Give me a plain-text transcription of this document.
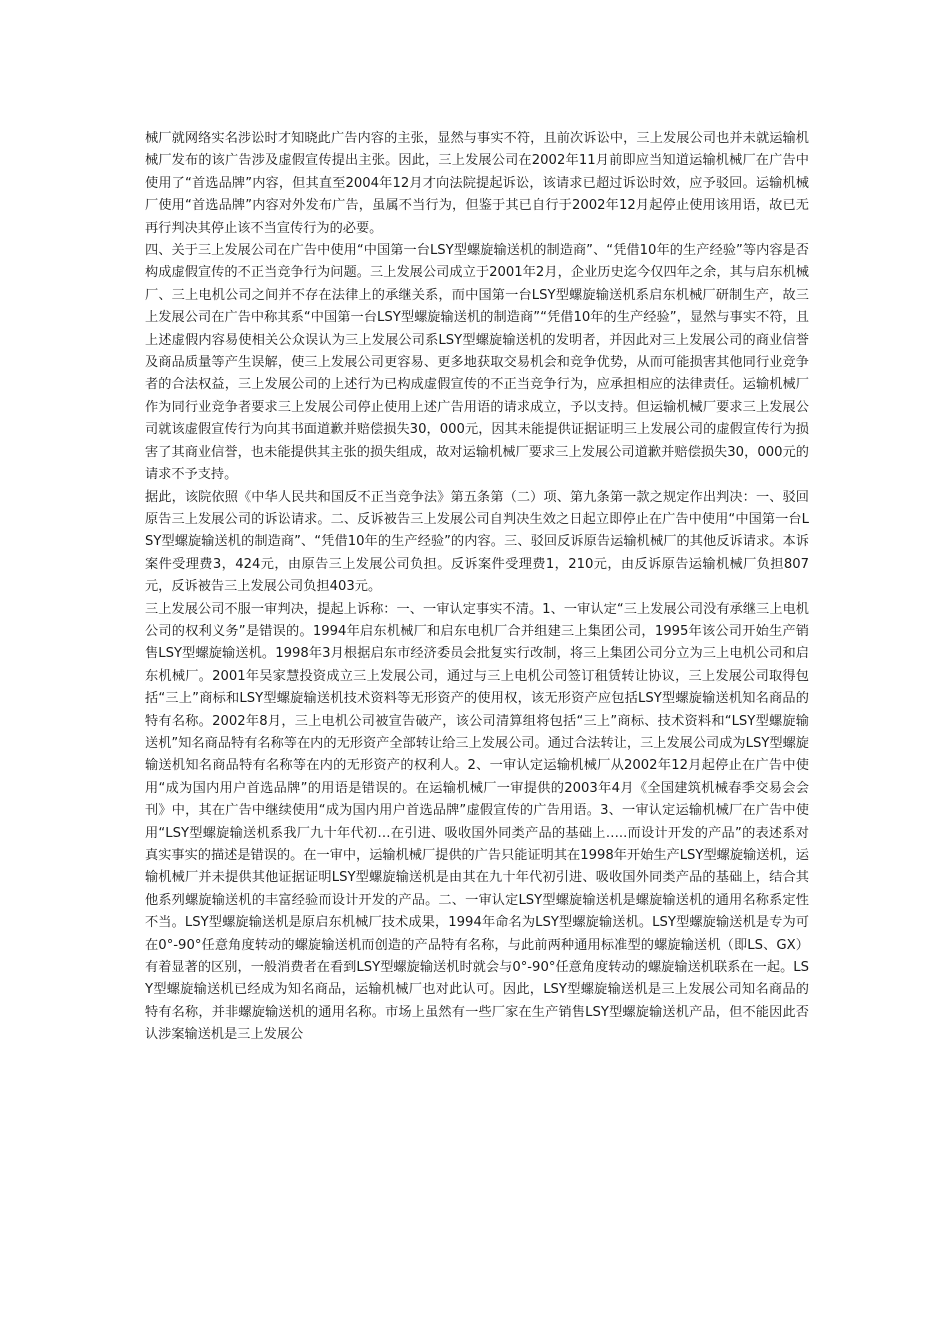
械厂就网络实名涉讼时才知晓此广告内容的主张，显然与事实不符，且前次诉讼中，三上发展公司也并未就运输机械厂发布的该广告涉及虚假宣传提出主张。因此，三上发展公司在2002年11月前即应当知道运输机械厂在广告中使用了“首选品牌”内容，但其直至2004年12月才向法院提起诉讼，该请求已超过诉讼时效，应予驳回。运输机械厂使用“首选品牌”内容对外发布广告，虽属不当行为，但鉴于其已自行于2002年12月起停止使用该用语，故已无再行判决其停止该不当宣传行为的必要。

四、关于三上发展公司在广告中使用“中国第一台LSY型螺旋输送机的制造商”、“凭借10年的生产经验”等内容是否构成虚假宣传的不正当竞争行为问题。三上发展公司成立于2001年2月，企业历史迄今仅四年之余，其与启东机械厂、三上电机公司之间并不存在法律上的承继关系，而中国第一台LSY型螺旋输送机系启东机械厂研制生产，故三上发展公司在广告中称其系“中国第一台LSY型螺旋输送机的制造商”“凭借10年的生产经验”，显然与事实不符，且上述虚假内容易使相关公众误认为三上发展公司系LSY型螺旋输送机的发明者，并因此对三上发展公司的商业信誉及商品质量等产生误解，使三上发展公司更容易、更多地获取交易机会和竞争优势，从而可能损害其他同行业竞争者的合法权益，三上发展公司的上述行为已构成虚假宣传的不正当竞争行为，应承担相应的法律责任。运输机械厂作为同行业竞争者要求三上发展公司停止使用上述广告用语的请求成立，予以支持。但运输机械厂要求三上发展公司就该虚假宣传行为向其书面道歉并赔偿损失30，000元，因其未能提供证据证明三上发展公司的虚假宣传行为损害了其商业信誉，也未能提供其主张的损失组成，故对运输机械厂要求三上发展公司道歉并赔偿损失30，000元的请求不予支持。

据此，该院依照《中华人民共和国反不正当竞争法》第五条第（二）项、第九条第一款之规定作出判决：一、驳回原告三上发展公司的诉讼请求。二、反诉被告三上发展公司自判决生效之日起立即停止在广告中使用“中国第一台LSY型螺旋输送机的制造商”、“凭借10年的生产经验”的内容。三、驳回反诉原告运输机械厂的其他反诉请求。本诉案件受理费3，424元，由原告三上发展公司负担。反诉案件受理费1，210元，由反诉原告运输机械厂负担807元，反诉被告三上发展公司负担403元。

三上发展公司不服一审判决，提起上诉称：一、一审认定事实不清。1、一审认定“三上发展公司没有承继三上电机公司的权利义务”是错误的。1994年启东机械厂和启东电机厂合并组建三上集团公司，1995年该公司开始生产销售LSY型螺旋输送机。1998年3月根据启东市经济委员会批复实行改制，将三上集团公司分立为三上电机公司和启东机械厂。2001年吴家慧投资成立三上发展公司，通过与三上电机公司签订租赁转让协议，三上发展公司取得包括“三上”商标和LSY型螺旋输送机技术资料等无形资产的使用权，该无形资产应包括LSY型螺旋输送机知名商品的特有名称。2002年8月，三上电机公司被宣告破产，该公司清算组将包括“三上”商标、技术资料和“LSY型螺旋输送机”知名商品特有名称等在内的无形资产全部转让给三上发展公司。通过合法转让，三上发展公司成为LSY型螺旋输送机知名商品特有名称等在内的无形资产的权利人。2、一审认定运输机械厂从2002年12月起停止在广告中使用“成为国内用户首选品牌”的用语是错误的。在运输机械厂一审提供的2003年4月《全国建筑机械春季交易会会刊》中，其在广告中继续使用“成为国内用户首选品牌”虚假宣传的广告用语。3、一审认定运输机械厂在广告中使用“LSY型螺旋输送机系我厂九十年代初…在引进、吸收国外同类产品的基础上…..而设计开发的产品”的表述系对真实事实的描述是错误的。在一审中，运输机械厂提供的广告只能证明其在1998年开始生产LSY型螺旋输送机，运输机械厂并未提供其他证据证明LSY型螺旋输送机是由其在九十年代初引进、吸收国外同类产品的基础上，结合其他系列螺旋输送机的丰富经验而设计开发的产品。二、一审认定LSY型螺旋输送机是螺旋输送机的通用名称系定性不当。LSY型螺旋输送机是原启东机械厂技术成果，1994年命名为LSY型螺旋输送机。LSY型螺旋输送机是专为可在0°-90°任意角度转动的螺旋输送机而创造的产品特有名称，与此前两种通用标准型的螺旋输送机（即LS、GX）有着显著的区别，一般消费者在看到LSY型螺旋输送机时就会与0°-90°任意角度转动的螺旋输送机联系在一起。LSY型螺旋输送机已经成为知名商品，运输机械厂也对此认可。因此，LSY型螺旋输送机是三上发展公司知名商品的特有名称，并非螺旋输送机的通用名称。市场上虽然有一些厂家在生产销售LSY型螺旋输送机产品，但不能因此否认涉案输送机是三上发展公
